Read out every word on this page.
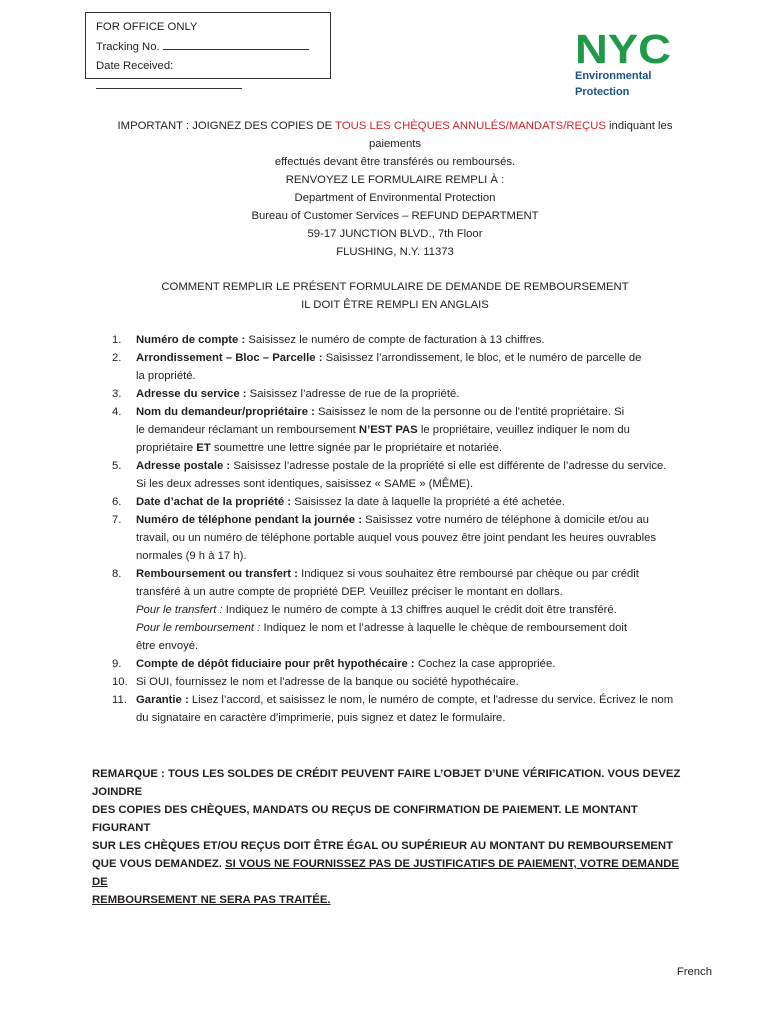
FOR OFFICE ONLY
Tracking No.
Date Received:	NYC
Environmental
Protection
IMPORTANT : JOIGNEZ DES COPIES DE TOUS LES CHÈQUES ANNULÉS/MANDATS/REÇUS indiquant les paiements
effectués devant être transférés ou remboursés.
RENVOYEZ LE FORMULAIRE REMPLI À :
Department of Environmental Protection
Bureau of Customer Services – REFUND DEPARTMENT
59-17 JUNCTION BLVD., 7th Floor
FLUSHING, N.Y. 11373
COMMENT REMPLIR LE PRÉSENT FORMULAIRE DE DEMANDE DE REMBOURSEMENT
IL DOIT ÊTRE REMPLI EN ANGLAIS
1.	Numéro de compte : Saisissez le numéro de compte de facturation à 13 chiffres.
2.	Arrondissement – Bloc – Parcelle : Saisissez l’arrondissement, le bloc, et le numéro de parcelle de
la propriété.
3.	Adresse du service : Saisissez l’adresse de rue de la propriété.
4.	Nom du demandeur/propriétaire : Saisissez le nom de la personne ou de l'entité propriétaire. Si
le demandeur réclamant un remboursement N’EST PAS le propriétaire, veuillez indiquer le nom du
propriétaire ET soumettre une lettre signée par le propriétaire et notariée.
5.	Adresse postale : Saisissez l’adresse postale de la propriété si elle est différente de l’adresse du service.
Si les deux adresses sont identiques, saisissez « SAME » (MÊME).
6.	Date d’achat de la propriété : Saisissez la date à laquelle la propriété a été achetée.
7.	Numéro de téléphone pendant la journée : Saisissez votre numéro de téléphone à domicile et/ou au
travail, ou un numéro de téléphone portable auquel vous pouvez être joint pendant les heures ouvrables
normales (9 h à 17 h).
8.	Remboursement ou transfert : Indiquez si vous souhaitez être remboursé par chèque ou par crédit
transféré à un autre compte de propriété DEP. Veuillez préciser le montant en dollars.
Pour le transfert : Indiquez le numéro de compte à 13 chiffres auquel le crédit doit être transféré.
Pour le remboursement : Indiquez le nom et l’adresse à laquelle le chèque de remboursement doit
être envoyé.
9.	Compte de dépôt fiduciaire pour prêt hypothécaire : Cochez la case appropriée.
10. Si OUI, fournissez le nom et l'adresse de la banque ou société hypothécaire.
11. Garantie : Lisez l’accord, et saisissez le nom, le numéro de compte, et l'adresse du service. Écrivez le nom
du signataire en caractère d'imprimerie, puis signez et datez le formulaire.
REMARQUE : TOUS LES SOLDES DE CRÉDIT PEUVENT FAIRE L’OBJET D’UNE VÉRIFICATION. VOUS DEVEZ JOINDRE
DES COPIES DES CHÈQUES, MANDATS OU REÇUS DE CONFIRMATION DE PAIEMENT. LE MONTANT FIGURANT
SUR LES CHÈQUES ET/OU REÇUS DOIT ÊTRE ÉGAL OU SUPÉRIEUR AU MONTANT DU REMBOURSEMENT
QUE VOUS DEMANDEZ. SI VOUS NE FOURNISSEZ PAS DE JUSTIFICATIFS DE PAIEMENT, VOTRE DEMANDE DE
REMBOURSEMENT NE SERA PAS TRAITÉE.
French
